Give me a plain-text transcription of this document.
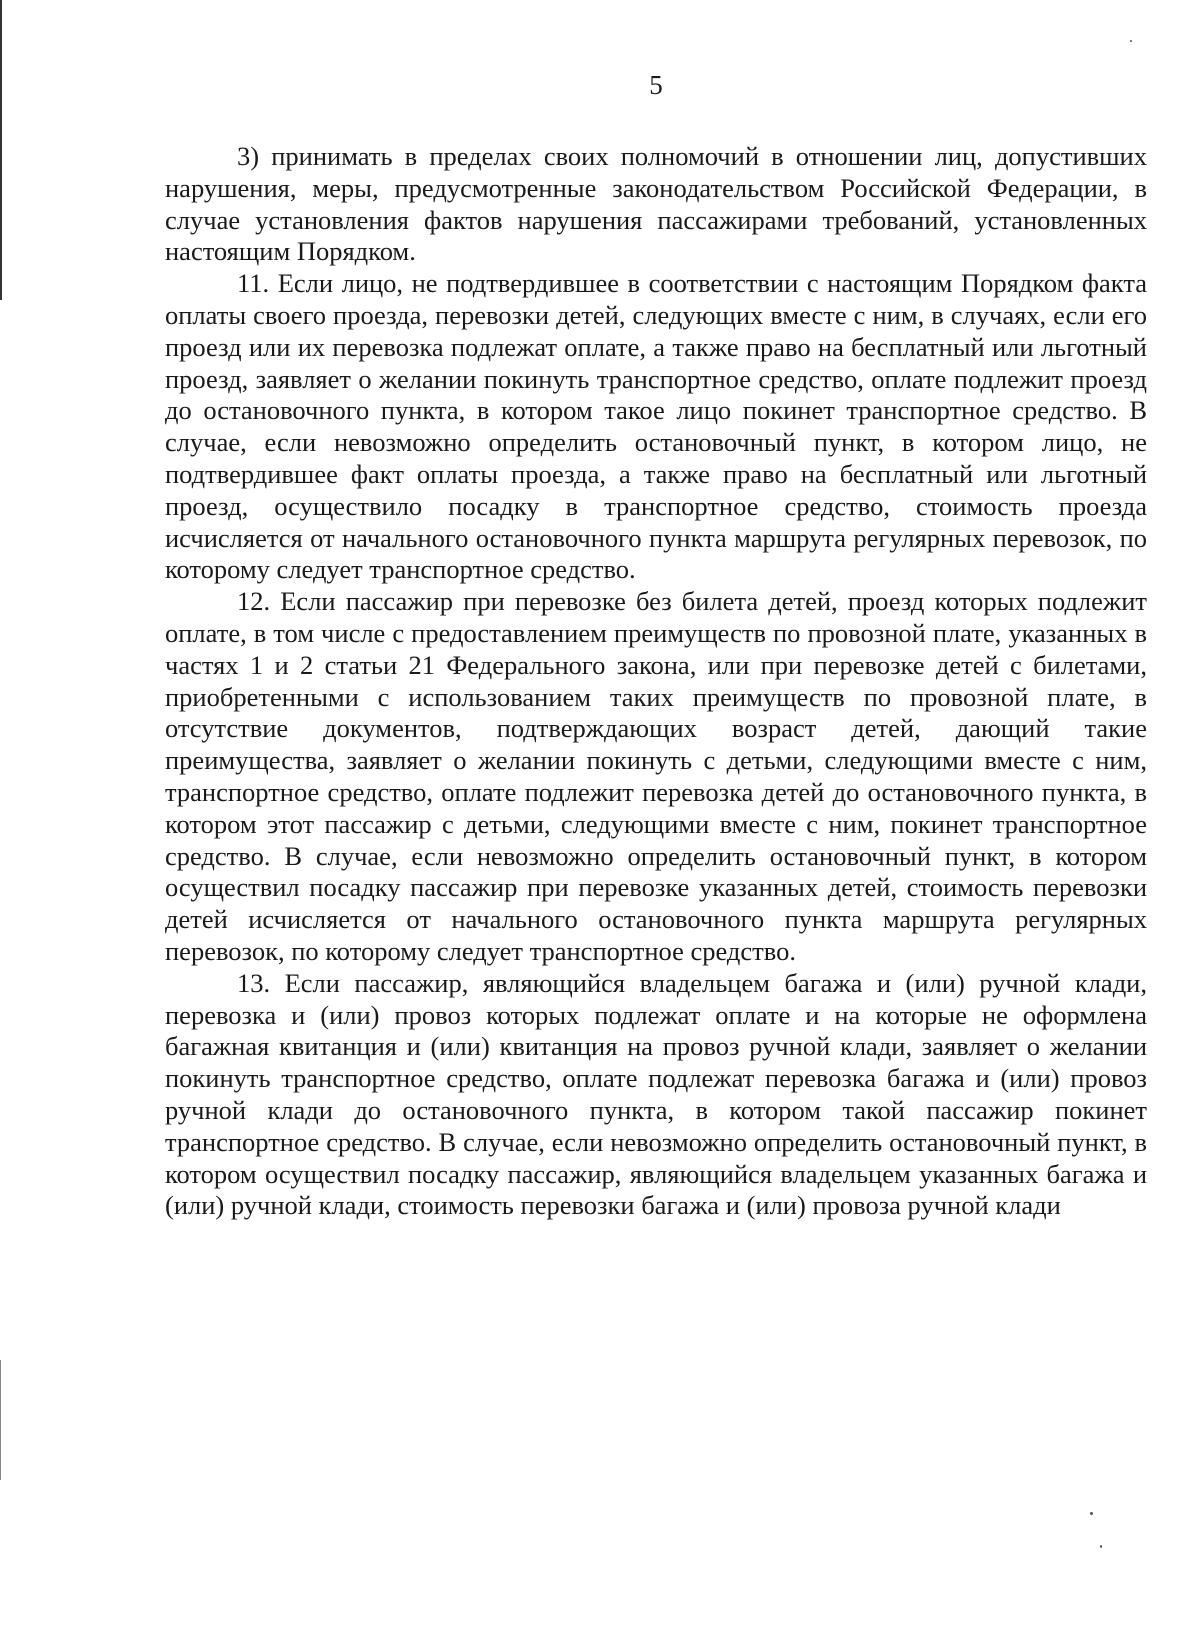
5

3) принимать в пределах своих полномочий в отношении лиц, допустивших нарушения, меры, предусмотренные законодательством Российской Федерации, в случае установления фактов нарушения пассажирами требований, установленных настоящим Порядком.

11. Если лицо, не подтвердившее в соответствии с настоящим Порядком факта оплаты своего проезда, перевозки детей, следующих вместе с ним, в случаях, если его проезд или их перевозка подлежат оплате, а также право на бесплатный или льготный проезд, заявляет о желании покинуть транспортное средство, оплате подлежит проезд до остановочного пункта, в котором такое лицо покинет транспортное средство. В случае, если невозможно определить остановочный пункт, в котором лицо, не подтвердившее факт оплаты проезда, а также право на бесплатный или льготный проезд, осуществило посадку в транспортное средство, стоимость проезда исчисляется от начального остановочного пункта маршрута регулярных перевозок, по которому следует транспортное средство.

12. Если пассажир при перевозке без билета детей, проезд которых подлежит оплате, в том числе с предоставлением преимуществ по провозной плате, указанных в частях 1 и 2 статьи 21 Федерального закона, или при перевозке детей с билетами, приобретенными с использованием таких преимуществ по провозной плате, в отсутствие документов, подтверждающих возраст детей, дающий такие преимущества, заявляет о желании покинуть с детьми, следующими вместе с ним, транспортное средство, оплате подлежит перевозка детей до остановочного пункта, в котором этот пассажир с детьми, следующими вместе с ним, покинет транспортное средство. В случае, если невозможно определить остановочный пункт, в котором осуществил посадку пассажир при перевозке указанных детей, стоимость перевозки детей исчисляется от начального остановочного пункта маршрута регулярных перевозок, по которому следует транспортное средство.

13. Если пассажир, являющийся владельцем багажа и (или) ручной клади, перевозка и (или) провоз которых подлежат оплате и на которые не оформлена багажная квитанция и (или) квитанция на провоз ручной клади, заявляет о желании покинуть транспортное средство, оплате подлежат перевозка багажа и (или) провоз ручной клади до остановочного пункта, в котором такой пассажир покинет транспортное средство. В случае, если невозможно определить остановочный пункт, в котором осуществил посадку пассажир, являющийся владельцем указанных багажа и (или) ручной клади, стоимость перевозки багажа и (или) провоза ручной клади
